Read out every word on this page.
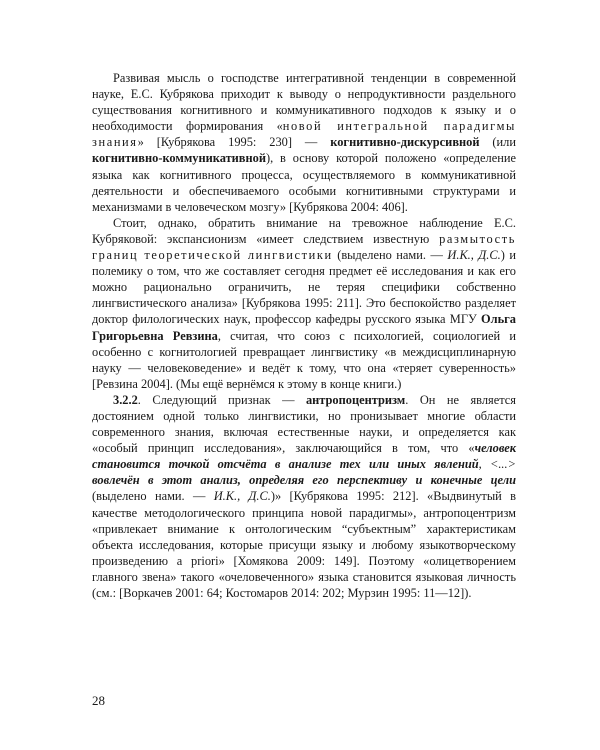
Развивая мысль о господстве интегративной тенденции в современной науке, Е.С. Кубрякова приходит к выводу о непродуктивности раздельного существования когнитивного и коммуникативного подходов к языку и о необходимости формирования «новой интегральной парадигмы знания» [Кубрякова 1995: 230] — когнитивно-дискурсивной (или когнитивно-коммуникативной), в основу которой положено «определение языка как когнитивного процесса, осуществляемого в коммуникативной деятельности и обеспечиваемого особыми когнитивными структурами и механизмами в человеческом мозгу» [Кубрякова 2004: 406].

Стоит, однако, обратить внимание на тревожное наблюдение Е.С. Кубряковой: экспансионизм «имеет следствием известную размытость границ теоретической лингвистики (выделено нами. — И.К., Д.С.) и полемику о том, что же составляет сегодня предмет её исследования и как его можно рационально ограничить, не теряя специфики собственно лингвистического анализа» [Кубрякова 1995: 211]. Это беспокойство разделяет доктор филологических наук, профессор кафедры русского языка МГУ Ольга Григорьевна Ревзина, считая, что союз с психологией, социологией и особенно с когнитологией превращает лингвистику «в междисциплинарную науку — человековедение» и ведёт к тому, что она «теряет суверенность» [Ревзина 2004]. (Мы ещё вернёмся к этому в конце книги.)

3.2.2. Следующий признак — антропоцентризм. Он не является достоянием одной только лингвистики, но пронизывает многие области современного знания, включая естественные науки, и определяется как «особый принцип исследования», заключающийся в том, что «человек становится точкой отсчёта в анализе тех или иных явлений, <...> вовлечён в этот анализ, определяя его перспективу и конечные цели (выделено нами. — И.К., Д.С.)» [Кубрякова 1995: 212]. «Выдвинутый в качестве методологического принципа новой парадигмы», антропоцентризм «привлекает внимание к онтологическим “субъектным” характеристикам объекта исследования, которые присущи языку и любому языкотворческому произведению a priori» [Хомякова 2009: 149]. Поэтому «олицетворением главного звена» такого «очеловеченного» языка становится языковая личность (см.: [Воркачев 2001: 64; Костомаров 2014: 202; Мурзин 1995: 11—12]).

28
